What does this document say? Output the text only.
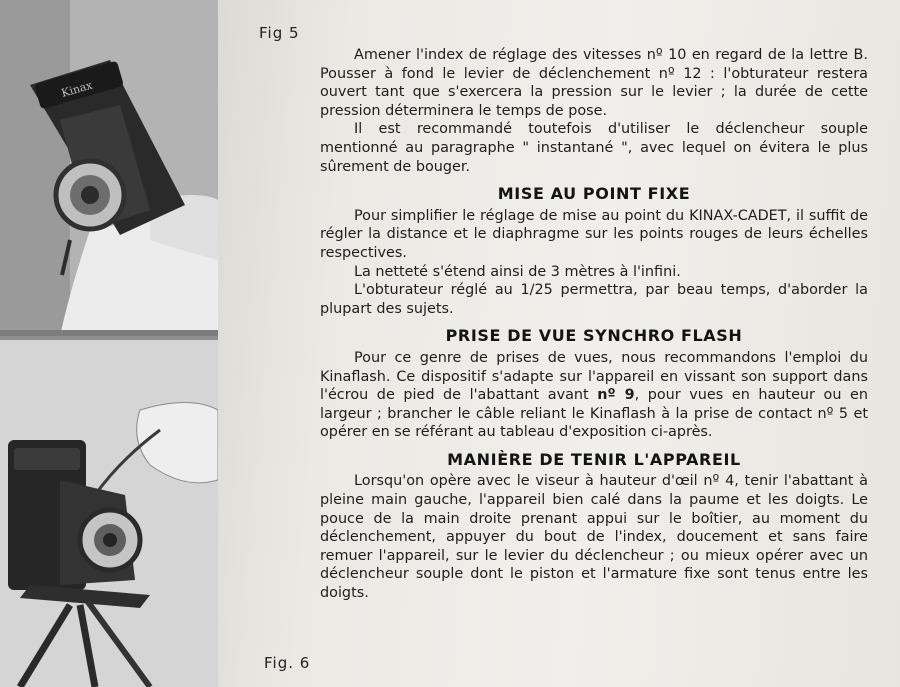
Kinax
Fig 5
Fig. 6

Amener l'index de réglage des vitesses nº 10 en regard de la lettre B. Pousser à fond le levier de déclenchement nº 12 : l'obturateur restera ouvert tant que s'exercera la pression sur le levier ; la durée de cette pression déterminera le temps de pose.

Il est recommandé toutefois d'utiliser le déclencheur souple mentionné au paragraphe " instantané ", avec lequel on évitera le plus sûrement de bouger.

MISE AU POINT FIXE

Pour simplifier le réglage de mise au point du KINAX-CADET, il suffit de régler la distance et le diaphragme sur les points rouges de leurs échelles respectives.

La netteté s'étend ainsi de 3 mètres à l'infini.

L'obturateur réglé au 1/25 permettra, par beau temps, d'aborder la plupart des sujets.

PRISE DE VUE SYNCHRO FLASH

Pour ce genre de prises de vues, nous recommandons l'emploi du Kinaflash. Ce dispositif s'adapte sur l'appareil en vissant son support dans l'écrou de pied de l'abattant avant nº 9, pour vues en hauteur ou en largeur ; brancher le câble reliant le Kinaflash à la prise de contact nº 5 et opérer en se référant au tableau d'exposition ci-après.

MANIÈRE DE TENIR L'APPAREIL

Lorsqu'on opère avec le viseur à hauteur d'œil nº 4, tenir l'abattant à pleine main gauche, l'appareil bien calé dans la paume et les doigts. Le pouce de la main droite prenant appui sur le boîtier, au moment du déclenchement, appuyer du bout de l'index, doucement et sans faire remuer l'appareil, sur le levier du déclencheur ; ou mieux opérer avec un déclencheur souple dont le piston et l'armature fixe sont tenus entre les doigts.
